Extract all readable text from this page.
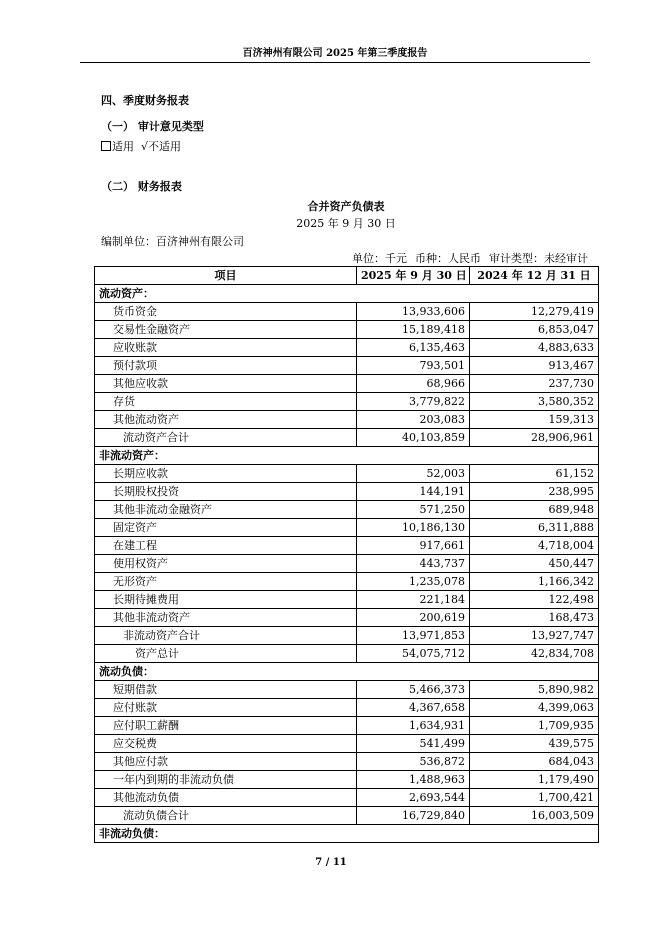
百济神州有限公司 2025 年第三季度报告
四、季度财务报表
（一） 审计意见类型
适用 √不适用
（二） 财务报表
合并资产负债表
2025 年 9 月 30 日
编制单位：百济神州有限公司
单位：千元 币种：人民币 审计类型：未经审计
项目	2025 年 9 月 30 日	2024 年 12 月 31 日
流动资产：		
货币资金	13,933,606	12,279,419
交易性金融资产	15,189,418	6,853,047
应收账款	6,135,463	4,883,633
预付款项	793,501	913,467
其他应收款	68,966	237,730
存货	3,779,822	3,580,352
其他流动资产	203,083	159,313
流动资产合计	40,103,859	28,906,961
非流动资产：		
长期应收款	52,003	61,152
长期股权投资	144,191	238,995
其他非流动金融资产	571,250	689,948
固定资产	10,186,130	6,311,888
在建工程	917,661	4,718,004
使用权资产	443,737	450,447
无形资产	1,235,078	1,166,342
长期待摊费用	221,184	122,498
其他非流动资产	200,619	168,473
非流动资产合计	13,971,853	13,927,747
资产总计	54,075,712	42,834,708
流动负债：		
短期借款	5,466,373	5,890,982
应付账款	4,367,658	4,399,063
应付职工薪酬	1,634,931	1,709,935
应交税费	541,499	439,575
其他应付款	536,872	684,043
一年内到期的非流动负债	1,488,963	1,179,490
其他流动负债	2,693,544	1,700,421
流动负债合计	16,729,840	16,003,509
非流动负债：		
7 / 11
